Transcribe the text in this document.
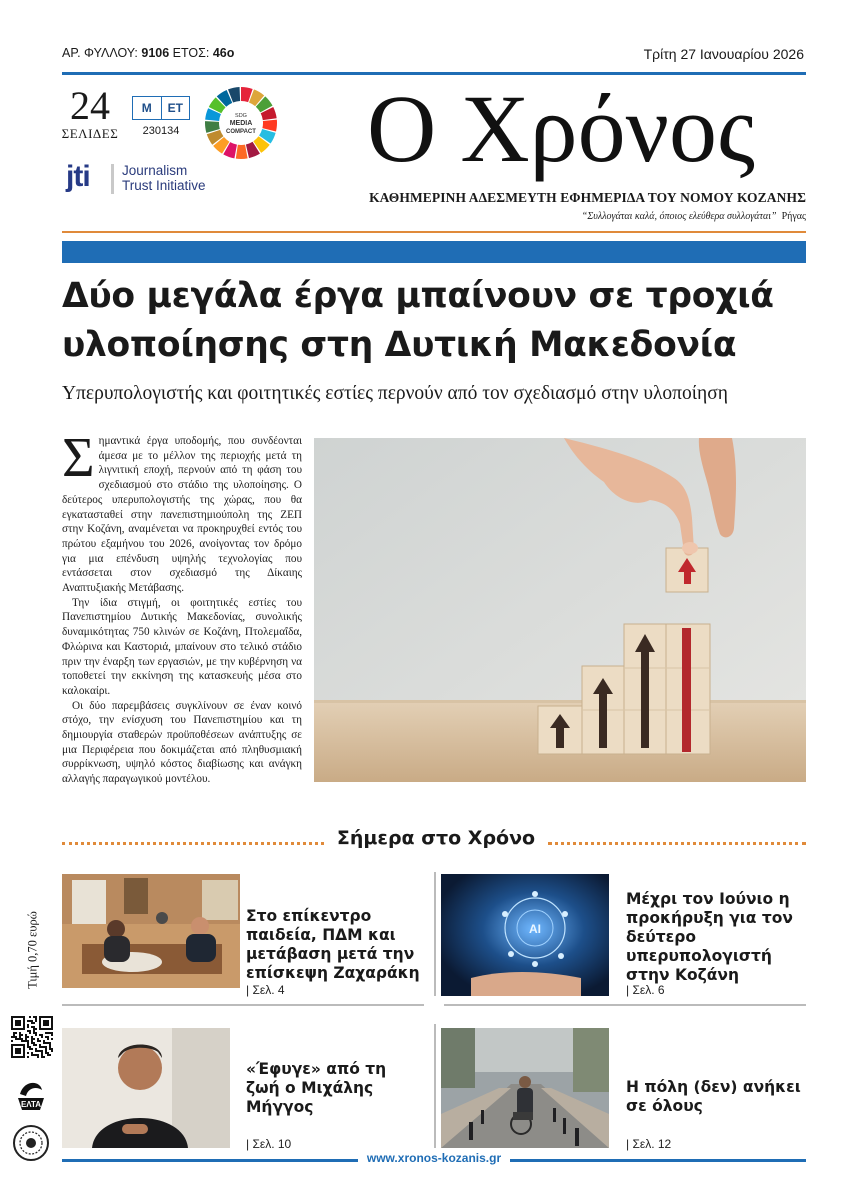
ΑΡ. ΦΥΛΛΟΥ: 9106 ΕΤΟΣ: 46ο	Τρίτη 27 Ιανουαρίου 2026
24
ΣΕΛΙΔΕΣ
Μ	ΕΤ
230134
SDG
MEDIA
COMPACT
jti Journalism
Trust Initiative
Ο Χρόνος
ΚΑΘΗΜΕΡΙΝΗ ΑΔΕΣΜΕΥΤΗ ΕΦΗΜΕΡΙΔΑ ΤΟΥ ΝΟΜΟΥ ΚΟΖΑΝΗΣ
“Συλλογάται καλά, όποιος ελεύθερα συλλογάται” Ρήγας
Δύο μεγάλα έργα μπαίνουν σε τροχιά υλοποίησης στη Δυτική Μακεδονία
Υπερυπολογιστής και φοιτητικές εστίες περνούν από τον σχεδιασμό στην υλοποίηση

Σημαντικά έργα υποδομής, που συνδέονται άμεσα με το μέλλον της περιοχής μετά τη λιγνιτική εποχή, περνούν από τη φάση του σχεδιασμού στο στάδιο της υλοποίησης. Ο δεύτερος υπερυπολογιστής της χώρας, που θα εγκατασταθεί στην πανεπιστημιούπολη της ΖΕΠ στην Κοζάνη, αναμένεται να προκηρυχθεί εντός του πρώτου εξαμήνου του 2026, ανοίγοντας τον δρόμο για μια επένδυση υψηλής τεχνολογίας που εντάσσεται στον σχεδιασμό της Δίκαιης Αναπτυξιακής Μετάβασης.

Την ίδια στιγμή, οι φοιτητικές εστίες του Πανεπιστημίου Δυτικής Μακεδονίας, συνολικής δυναμικότητας 750 κλινών σε Κοζάνη, Πτολεμαΐδα, Φλώρινα και Καστοριά, μπαίνουν στο τελικό στάδιο πριν την έναρξη των εργασιών, με την κυβέρνηση να τοποθετεί την εκκίνηση της κατασκευής μέσα στο καλοκαίρι.

Οι δύο παρεμβάσεις συγκλίνουν σε έναν κοινό στόχο, την ενίσχυση του Πανεπιστημίου και τη δημιουργία σταθερών προϋποθέσεων ανάπτυξης σε μια Περιφέρεια που δοκιμάζεται από πληθυσμιακή συρρίκνωση, υψηλό κόστος διαβίωσης και ανάγκη αλλαγής παραγωγικού μοντέλου.

Σήμερα στο Χρόνο
Στο επίκεντρο παιδεία, ΠΔΜ και μετάβαση μετά την επίσκεψη Ζαχαράκη
| Σελ. 4
AI
Μέχρι τον Ιούνιο η προκήρυξη για τον δεύτερο υπερυπολογιστή στην Κοζάνη
| Σελ. 6
«Έφυγε» από τη ζωή ο Μιχάλης Μήγγος
| Σελ. 10
Η πόλη (δεν) ανήκει σε όλους
| Σελ. 12
Τιμή 0,70 ευρώ
ΕΛΤΑ
www.xronos-kozanis.gr
